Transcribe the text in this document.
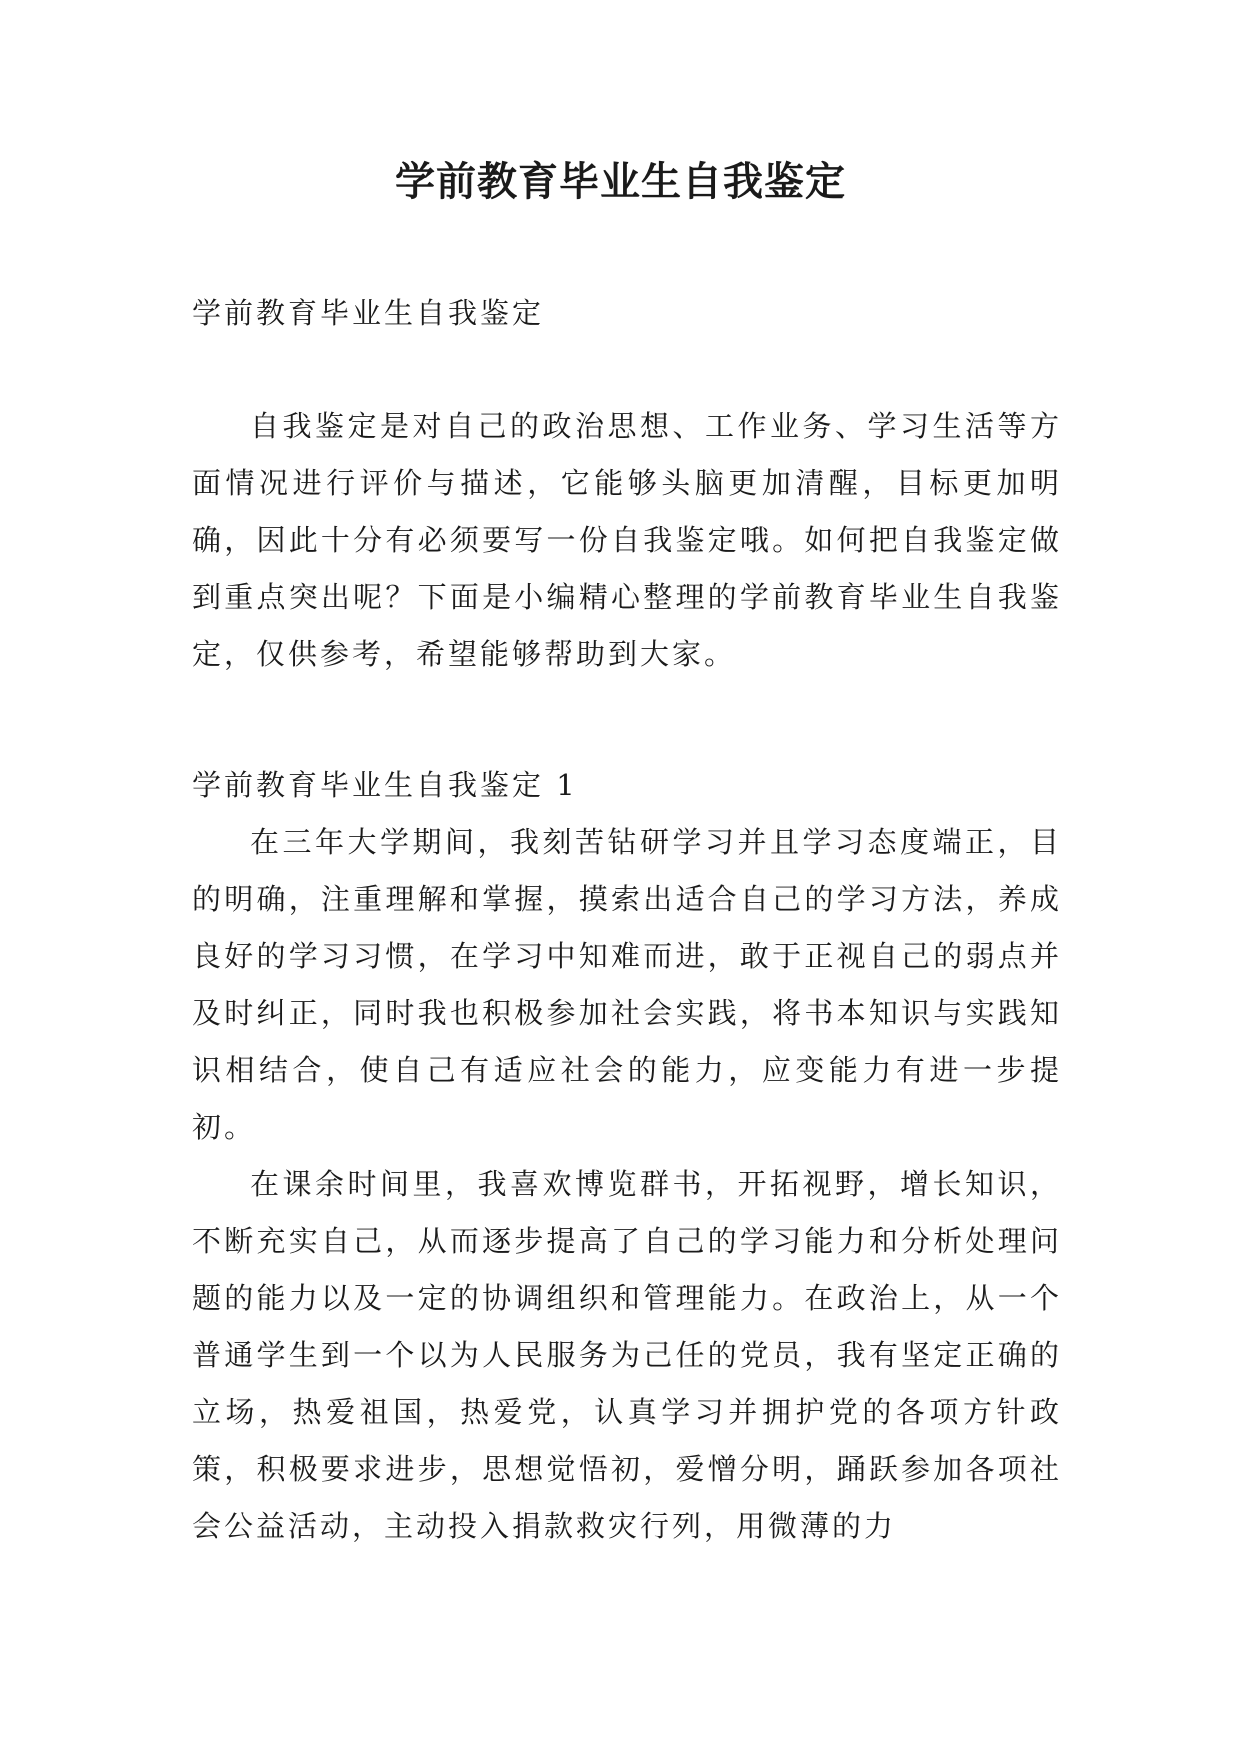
学前教育毕业生自我鉴定

学前教育毕业生自我鉴定

自我鉴定是对自己的政治思想、工作业务、学习生活等方面情况进行评价与描述，它能够头脑更加清醒，目标更加明确，因此十分有必须要写一份自我鉴定哦。如何把自我鉴定做到重点突出呢？下面是小编精心整理的学前教育毕业生自我鉴定，仅供参考，希望能够帮助到大家。

学前教育毕业生自我鉴定 1

在三年大学期间，我刻苦钻研学习并且学习态度端正，目的明确，注重理解和掌握，摸索出适合自己的学习方法，养成良好的学习习惯，在学习中知难而进，敢于正视自己的弱点并及时纠正，同时我也积极参加社会实践，将书本知识与实践知识相结合，使自己有适应社会的能力，应变能力有进一步提初。

在课余时间里，我喜欢博览群书，开拓视野，增长知识，不断充实自己，从而逐步提高了自己的学习能力和分析处理问题的能力以及一定的协调组织和管理能力。在政治上，从一个普通学生到一个以为人民服务为己任的党员，我有坚定正确的立场，热爱祖国，热爱党，认真学习并拥护党的各项方针政策，积极要求进步，思想觉悟初，爱憎分明，踊跃参加各项社会公益活动，主动投入捐款救灾行列，用微薄的力
